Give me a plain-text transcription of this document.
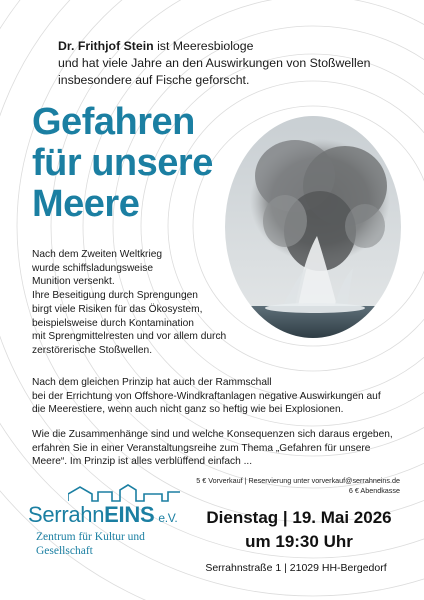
Dr. Frithjof Stein ist Meeresbiologe
und hat viele Jahre an den Auswirkungen von Stoßwellen
insbesondere auf Fische geforscht.
Gefahren
für unsere
Meere
Nach dem Zweiten Weltkrieg
wurde schiffsladungsweise
Munition versenkt.
Ihre Beseitigung durch Sprengungen
birgt viele Risiken für das Ökosystem,
beispielsweise durch Kontamination
mit Sprengmittelresten und vor allem durch
zerstörerische Stoßwellen.
Nach dem gleichen Prinzip hat auch der Rammschall
bei der Errichtung von Offshore-Windkraftanlagen negative Auswirkungen auf
die Meerestiere, wenn auch nicht ganz so heftig wie bei Explosionen.
Wie die Zusammenhänge sind und welche Konsequenzen sich daraus ergeben,
erfahren Sie in einer Veranstaltungsreihe zum Thema „Gefahren für unsere
Meere“. Im Prinzip ist alles verblüffend einfach ...
5 € Vorverkauf | Reservierung unter vorverkauf@serrahneins.de
6 € Abendkasse
SerrahnEINS e.V.
Zentrum für Kultur und
Gesellschaft
Dienstag | 19. Mai 2026
um 19:30 Uhr
Serrahnstraße 1 | 21029 HH-Bergedorf
